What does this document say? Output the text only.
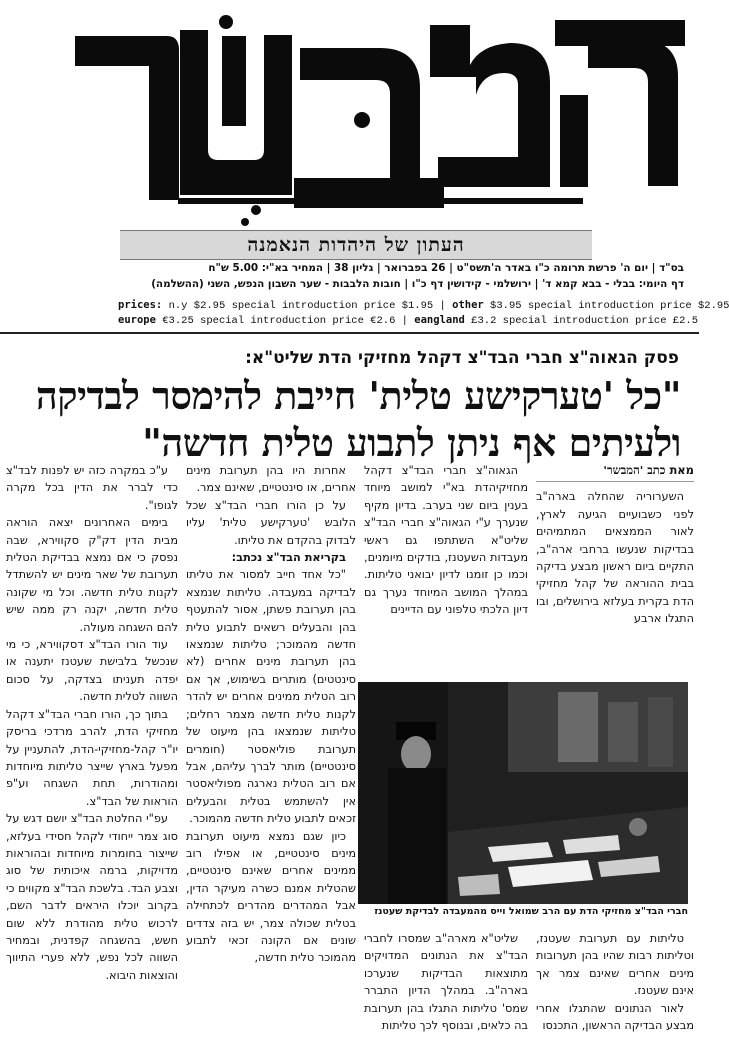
העתון של היהדות הנאמנה
בס"ד | יום ה' פרשת תרומה כ"ו באדר ה'תשס"ט | 26 בפברואר | גליון 38 | המחיר בא"י: 5.00 ש"ח
דף היומי: בבלי - בבא קמא ד' | ירושלמי - קידושין דף כ"ו | חובות הלבבות - שער השבון הנפש, השני (ההשלמה)
prices: n.y $2.95 special introduction price $1.95 | other $3.95 special introduction price $2.95
europe €3.25 special introduction price €2.6 | eangland £3.2 special introduction price £2.5
פסק הגאוה"צ חברי הבד"צ דקהל מחזיקי הדת שליט"א:
"כל 'טערקישע טלית' חייבת להימסר לבדיקה
ולעיתים אף ניתן לתבוע טלית חדשה"
מאת כתב 'המבשר'

השערוריה שהחלה בארה"ב לפני כשבועיים הגיעה לארץ, לאור הממצאים המתמיהים בבדיקות שנעשו ברחבי ארה"ב, התקיים ביום ראשון מבצע בדיקה בבית ההוראה של קהל מחזיקי הדת בקרית בעלזא בירושלים, ובו התגלו ארבע

הגאוה"צ חברי הבד"צ דקהל מחזיקיהדת בא"י למושב מיוחד בענין ביום שני בערב. בדיון מקיף שנערך ע"י הגאוה"צ חברי הבד"צ שליט"א השתתפו גם ראשי מעבדות השעטנז, בודקים מיומנים, וכמו כן זומנו לדיון יבואני טליתות. במהלך המושב המיוחד נערך גם דיון הלכתי טלפוני עם הדיינים

אחרות היו בהן תערובת מינים אחרים, או סינטטיים, שאינם צמר.

על כן הורו חברי הבד"צ שכל הלובש 'טערקישע טלית' עליו לבדוק בהקדם את טליתו.

בקריאת הבד"צ נכתב:

"כל אחד חייב למסור את טליתו לבדיקה במעבדה. טליתות שנמצא בהן תערובת פשתן, אסור להתעטף בהן והבעלים רשאים לתבוע טלית חדשה מהמוכר; טליתות שנמצאו בהן תערובת מינים אחרים (לא סינטטים) מותרים בשימוש, אך אם רוב הטלית ממינים אחרים יש להדר לקנות טלית חדשה מצמר רחלים; טליתות שנמצאו בהן מיעוט של תערובת פוליאסטר (חומרים סינטטיים) מותר לברך עליהם, אבל אם רוב הטלית נארגה מפוליאסטר אין להשתמש בטלית והבעלים זכאים לתבוע טלית חדשה מהמוכר.

כיון שגם נמצא מיעוט תערובת מינים סינטטיים, או אפילו רוב ממינים אחרים שאינם סינטטיים, שהטלית אמנם כשרה מעיקר הדין, אבל המהדרים מהדרים לכתחילה בטלית שכולה צמר, יש בזה צדדים שונים אם הקונה זכאי לתבוע מהמוכר טלית חדשה,

ע"כ במקרה כזה יש לפנות לבד"צ כדי לברר את הדין בכל מקרה לגופו".

בימים האחרונים יצאה הוראה מבית הדין דק"ק סקווירא, שבה נפסק כי אם נמצא בבדיקת הטלית תערובת של שאר מינים יש להשתדל לקנות טלית חדשה. וכל מי שקונה טלית חדשה, יקנה רק ממה שיש להם השגחה מעולה.

עוד הורו הבד"צ דסקווירא, כי מי שנכשל בלבישת שעטנז יתענה או יפדה תעניתו בצדקה, על סכום השווה לטלית חדשה.

בתוך כך, הורו חברי הבד"צ דקהל מחזיקי הדת, להרב מרדכי בריסק יו"ר קהל-מחזיקי-הדת, להתעניין על מפעל בארץ שייצר טליתות מיוחדות ומהודרות, תחת השגחה וע"פ הוראות של הבד"צ.

עפ"י החלטת הבד"צ יושם דגש על סוג צמר ייחודי לקהל חסידי בעלזא, שייצור בחומרות מיוחדות ובהוראות מדויקות, ברמה איכותית של סוג וצבע הבד. בלשכת הבד"צ מקווים כי בקרוב יוכלו היראים לדבר השם, לרכוש טלית מהודרת ללא שום חשש, בהשגחה קפדנית, ובמחיר השווה לכל נפש, ללא פערי התיווך והוצאות היבוא.

טליתות עם תערובת שעטנז, וטליתות רבות שהיו בהן תערובות מינים אחרים שאינם צמר אך אינם שעטנז.

לאור הנתונים שהתגלו אחרי מבצע הבדיקה הראשון, התכנסו

שליט"א מארה"ב שמסרו לחברי הבד"צ את הנתונים המדויקים מתוצאות הבדיקות שנערכו בארה"ב. במהלך הדיון התברר שמס' טליתות התגלו בהן תערובת בה כלאים, ובנוסף לכך טליתות

חברי הבד"צ מחזיקי הדת עם הרב שמואל וייס מהמעבדה לבדיקת שעטנז
